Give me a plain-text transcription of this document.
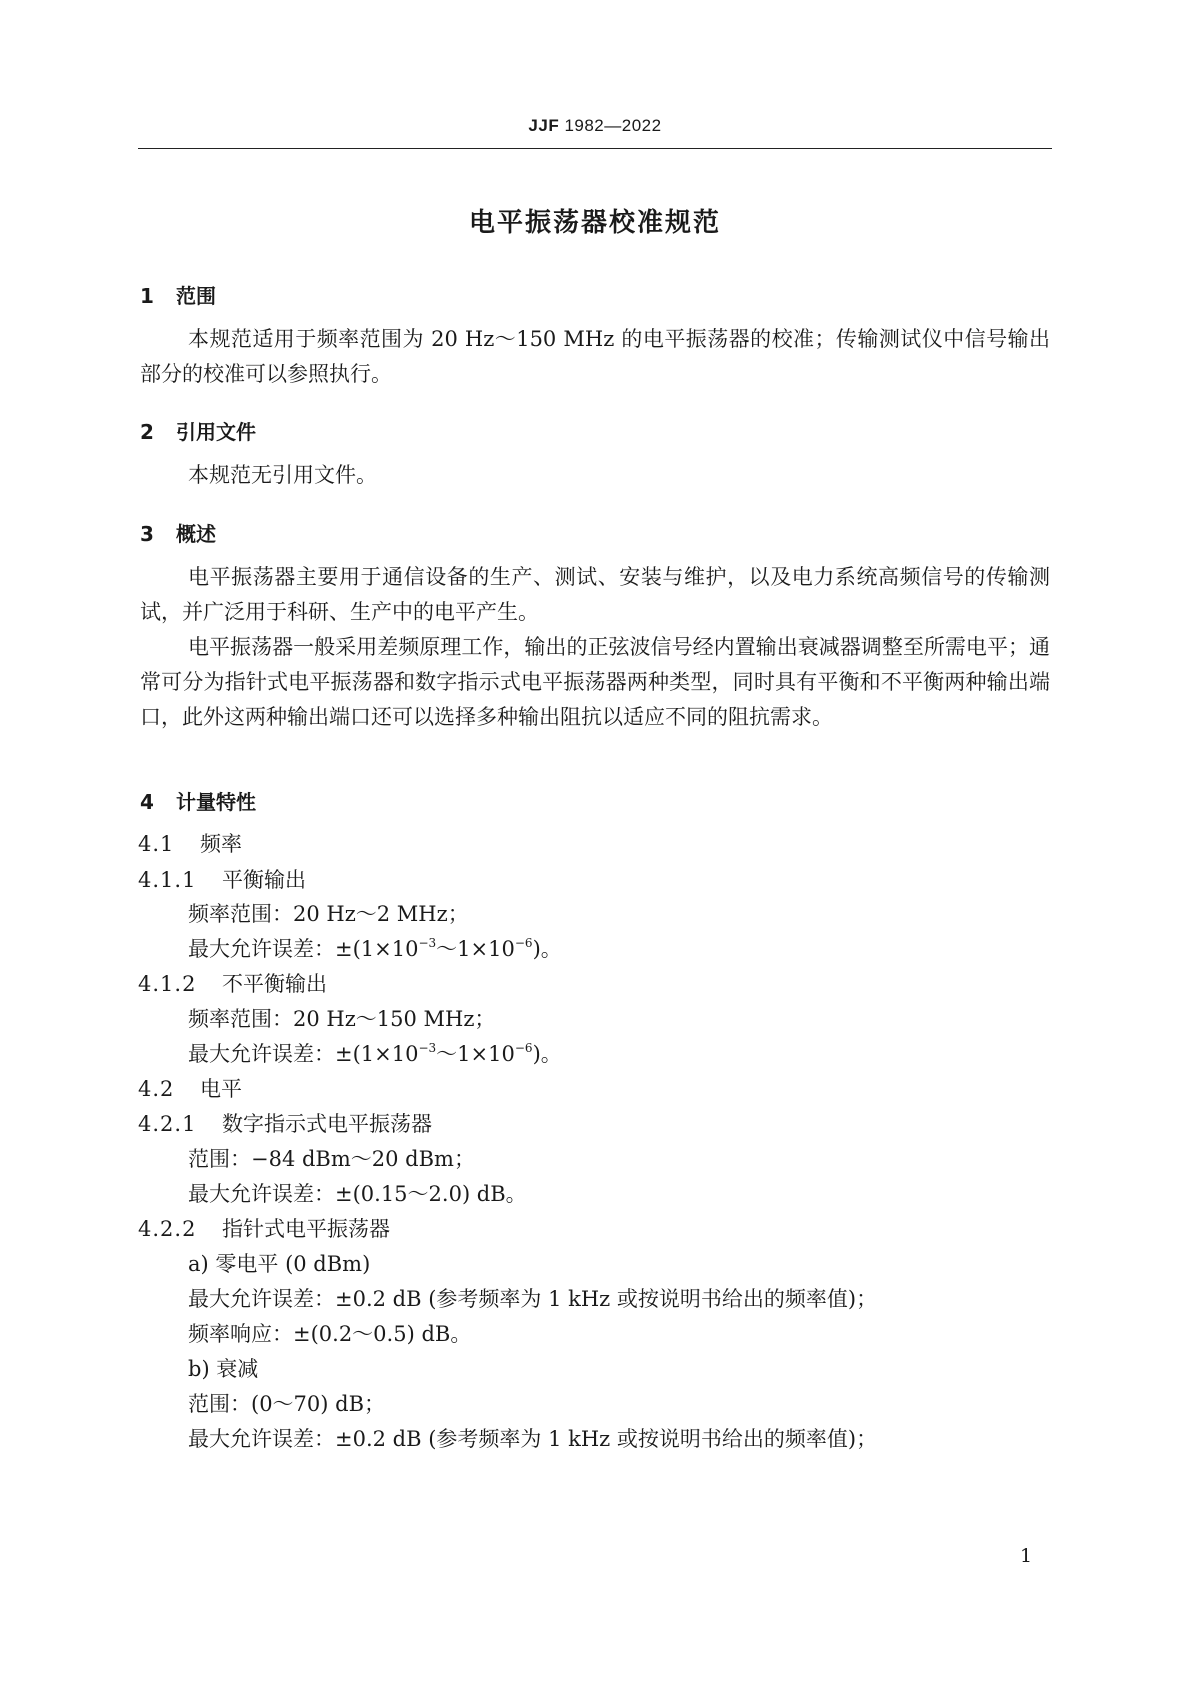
JJF 1982—2022
电平振荡器校准规范
1 范围
本规范适用于频率范围为 20 Hz～150 MHz 的电平振荡器的校准；传输测试仪中信号输出部分的校准可以参照执行。
2 引用文件
本规范无引用文件。
3 概述
电平振荡器主要用于通信设备的生产、测试、安装与维护，以及电力系统高频信号的传输测试，并广泛用于科研、生产中的电平产生。
电平振荡器一般采用差频原理工作，输出的正弦波信号经内置输出衰减器调整至所需电平；通常可分为指针式电平振荡器和数字指示式电平振荡器两种类型，同时具有平衡和不平衡两种输出端口，此外这两种输出端口还可以选择多种输出阻抗以适应不同的阻抗需求。
4 计量特性
4.1 频率
4.1.1 平衡输出
频率范围：20 Hz～2 MHz；
最大允许误差：$\pm(1\times 10^{-3}\sim 1\times 10^{-6})$。
4.1.2 不平衡输出
频率范围：20 Hz～150 MHz；
最大允许误差：$\pm(1\times 10^{-3}\sim 1\times 10^{-6})$。
4.2 电平
4.2.1 数字指示式电平振荡器
范围：−84 dBm～20 dBm；
最大允许误差：±(0.15～2.0) dB。
4.2.2 指针式电平振荡器
a) 零电平 (0 dBm)
最大允许误差：±0.2 dB (参考频率为 1 kHz 或按说明书给出的频率值)；
频率响应：±(0.2～0.5) dB。
b) 衰减
范围：(0～70) dB；
最大允许误差：±0.2 dB (参考频率为 1 kHz 或按说明书给出的频率值)；
1
